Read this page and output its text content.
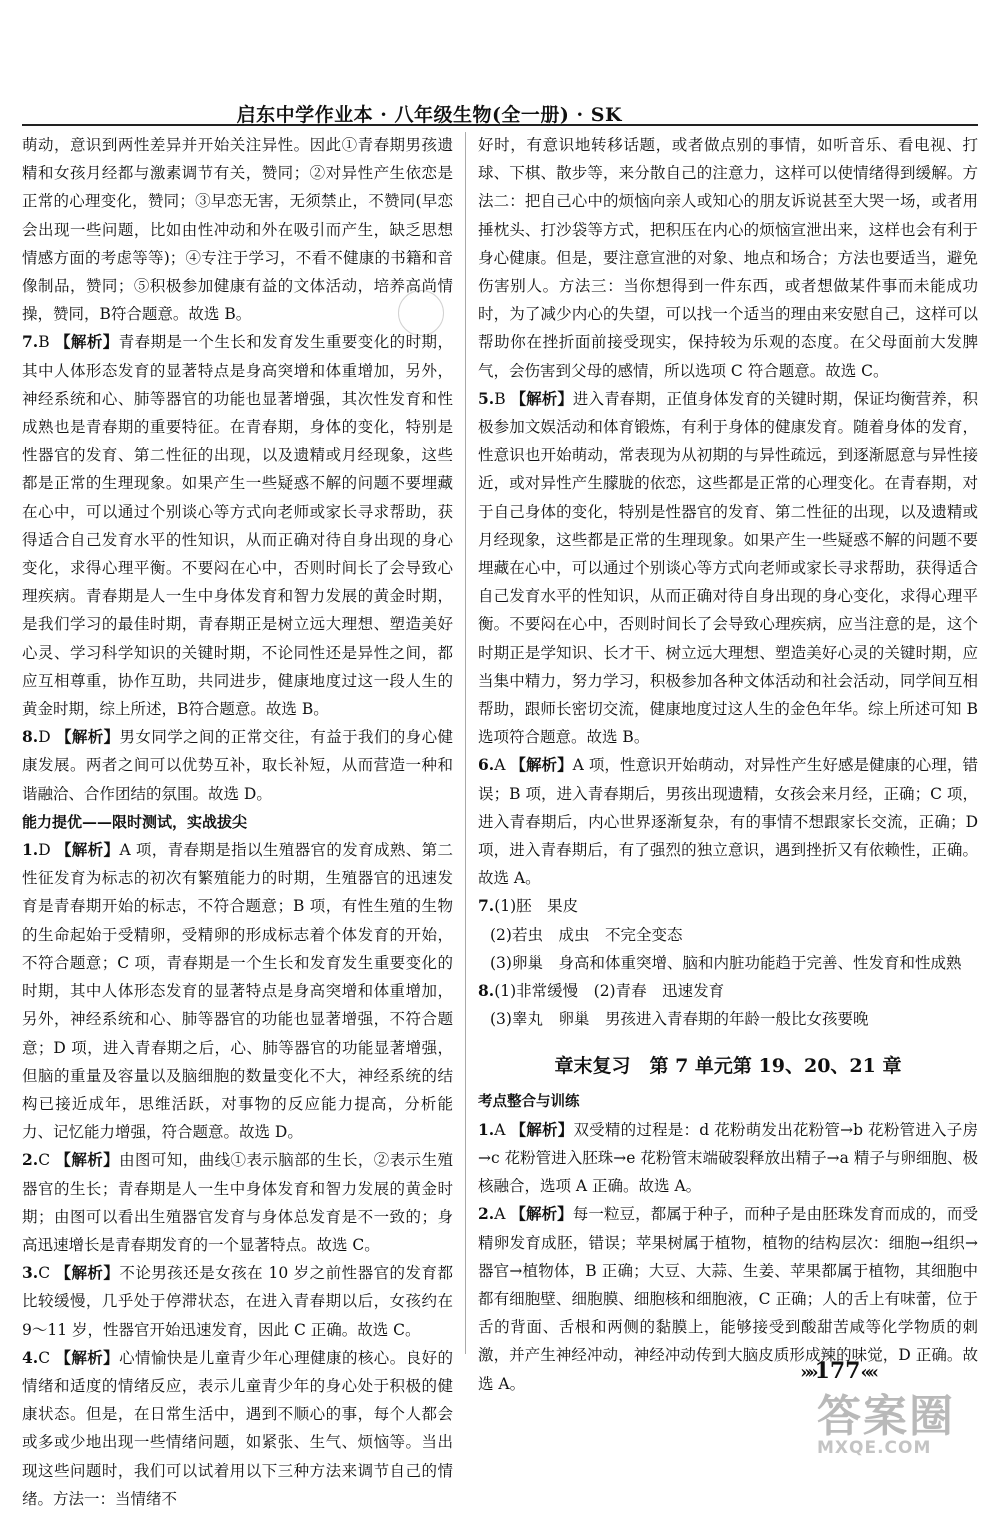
启东中学作业本 · 八年级生物(全一册) · SK
萌动，意识到两性差异并开始关注异性。因此①青春期男孩遗精和女孩月经都与激素调节有关，赞同；②对异性产生依恋是正常的心理变化，赞同；③早恋无害，无须禁止，不赞同(早恋会出现一些问题，比如由性冲动和外在吸引而产生，缺乏思想情感方面的考虑等等)；④专注于学习，不看不健康的书籍和音像制品，赞同；⑤积极参加健康有益的文体活动，培养高尚情操，赞同，B符合题意。故选 B。
7.B 【解析】青春期是一个生长和发育发生重要变化的时期，其中人体形态发育的显著特点是身高突增和体重增加，另外，神经系统和心、肺等器官的功能也显著增强，其次性发育和性成熟也是青春期的重要特征。在青春期，身体的变化，特别是性器官的发育、第二性征的出现，以及遗精或月经现象，这些都是正常的生理现象。如果产生一些疑惑不解的问题不要埋藏在心中，可以通过个别谈心等方式向老师或家长寻求帮助，获得适合自己发育水平的性知识，从而正确对待自身出现的身心变化，求得心理平衡。不要闷在心中，否则时间长了会导致心理疾病。青春期是人一生中身体发育和智力发展的黄金时期，是我们学习的最佳时期，青春期正是树立远大理想、塑造美好心灵、学习科学知识的关键时期，不论同性还是异性之间，都应互相尊重，协作互助，共同进步，健康地度过这一段人生的黄金时期，综上所述，B符合题意。故选 B。
8.D 【解析】男女同学之间的正常交往，有益于我们的身心健康发展。两者之间可以优势互补，取长补短，从而营造一种和谐融洽、合作团结的氛围。故选 D。
能力提优——限时测试，实战拔尖
1.D 【解析】A 项，青春期是指以生殖器官的发育成熟、第二性征发育为标志的初次有繁殖能力的时期，生殖器官的迅速发育是青春期开始的标志，不符合题意；B 项，有性生殖的生物的生命起始于受精卵，受精卵的形成标志着个体发育的开始，不符合题意；C 项，青春期是一个生长和发育发生重要变化的时期，其中人体形态发育的显著特点是身高突增和体重增加，另外，神经系统和心、肺等器官的功能也显著增强，不符合题意；D 项，进入青春期之后，心、肺等器官的功能显著增强，但脑的重量及容量以及脑细胞的数量变化不大，神经系统的结构已接近成年，思维活跃，对事物的反应能力提高，分析能力、记忆能力增强，符合题意。故选 D。
2.C 【解析】由图可知，曲线①表示脑部的生长，②表示生殖器官的生长；青春期是人一生中身体发育和智力发展的黄金时期；由图可以看出生殖器官发育与身体总发育是不一致的；身高迅速增长是青春期发育的一个显著特点。故选 C。
3.C 【解析】不论男孩还是女孩在 10 岁之前性器官的发育都比较缓慢，几乎处于停滞状态，在进入青春期以后，女孩约在 9～11 岁，性器官开始迅速发育，因此 C 正确。故选 C。
4.C 【解析】心情愉快是儿童青少年心理健康的核心。良好的情绪和适度的情绪反应，表示儿童青少年的身心处于积极的健康状态。但是，在日常生活中，遇到不顺心的事，每个人都会或多或少地出现一些情绪问题，如紧张、生气、烦恼等。当出现这些问题时，我们可以试着用以下三种方法来调节自己的情绪。方法一：当情绪不
好时，有意识地转移话题，或者做点别的事情，如听音乐、看电视、打球、下棋、散步等，来分散自己的注意力，这样可以使情绪得到缓解。方法二：把自己心中的烦恼向亲人或知心的朋友诉说甚至大哭一场，或者用捶枕头、打沙袋等方式，把积压在内心的烦恼宣泄出来，这样也会有利于身心健康。但是，要注意宣泄的对象、地点和场合；方法也要适当，避免伤害别人。方法三：当你想得到一件东西，或者想做某件事而未能成功时，为了减少内心的失望，可以找一个适当的理由来安慰自己，这样可以帮助你在挫折面前接受现实，保持较为乐观的态度。在父母面前大发脾气，会伤害到父母的感情，所以选项 C 符合题意。故选 C。
5.B 【解析】进入青春期，正值身体发育的关键时期，保证均衡营养，积极参加文娱活动和体育锻炼，有利于身体的健康发育。随着身体的发育，性意识也开始萌动，常表现为从初期的与异性疏远，到逐渐愿意与异性接近，或对异性产生朦胧的依恋，这些都是正常的心理变化。在青春期，对于自己身体的变化，特别是性器官的发育、第二性征的出现，以及遗精或月经现象，这些都是正常的生理现象。如果产生一些疑惑不解的问题不要埋藏在心中，可以通过个别谈心等方式向老师或家长寻求帮助，获得适合自己发育水平的性知识，从而正确对待自身出现的身心变化，求得心理平衡。不要闷在心中，否则时间长了会导致心理疾病，应当注意的是，这个时期正是学知识、长才干、树立远大理想、塑造美好心灵的关键时期，应当集中精力，努力学习，积极参加各种文体活动和社会活动，同学间互相帮助，跟师长密切交流，健康地度过这人生的金色年华。综上所述可知 B 选项符合题意。故选 B。
6.A 【解析】A 项，性意识开始萌动，对异性产生好感是健康的心理，错误；B 项，进入青春期后，男孩出现遗精，女孩会来月经，正确；C 项，进入青春期后，内心世界逐渐复杂，有的事情不想跟家长交流，正确；D 项，进入青春期后，有了强烈的独立意识，遇到挫折又有依赖性，正确。故选 A。
7.(1)胚　果皮
(2)若虫　成虫　不完全变态
(3)卵巢　身高和体重突增、脑和内脏功能趋于完善、性发育和性成熟
8.(1)非常缓慢　(2)青春　迅速发育
(3)睾丸　卵巢　男孩进入青春期的年龄一般比女孩要晚
章末复习　第 7 单元第 19、20、21 章
考点整合与训练
1.A 【解析】双受精的过程是：d 花粉萌发出花粉管→b 花粉管进入子房→c 花粉管进入胚珠→e 花粉管末端破裂释放出精子→a 精子与卵细胞、极核融合，选项 A 正确。故选 A。
2.A 【解析】每一粒豆，都属于种子，而种子是由胚珠发育而成的，而受精卵发育成胚，错误；苹果树属于植物，植物的结构层次：细胞→组织→器官→植物体，B 正确；大豆、大蒜、生姜、苹果都属于植物，其细胞中都有细胞壁、细胞膜、细胞核和细胞液，C 正确；人的舌上有味蕾，位于舌的背面、舌根和两侧的黏膜上，能够接受到酸甜苦咸等化学物质的刺激，并产生神经冲动，神经冲动传到大脑皮质形成辣的味觉，D 正确。故选 A。
»»177««
答案圈
MXQE.COM
